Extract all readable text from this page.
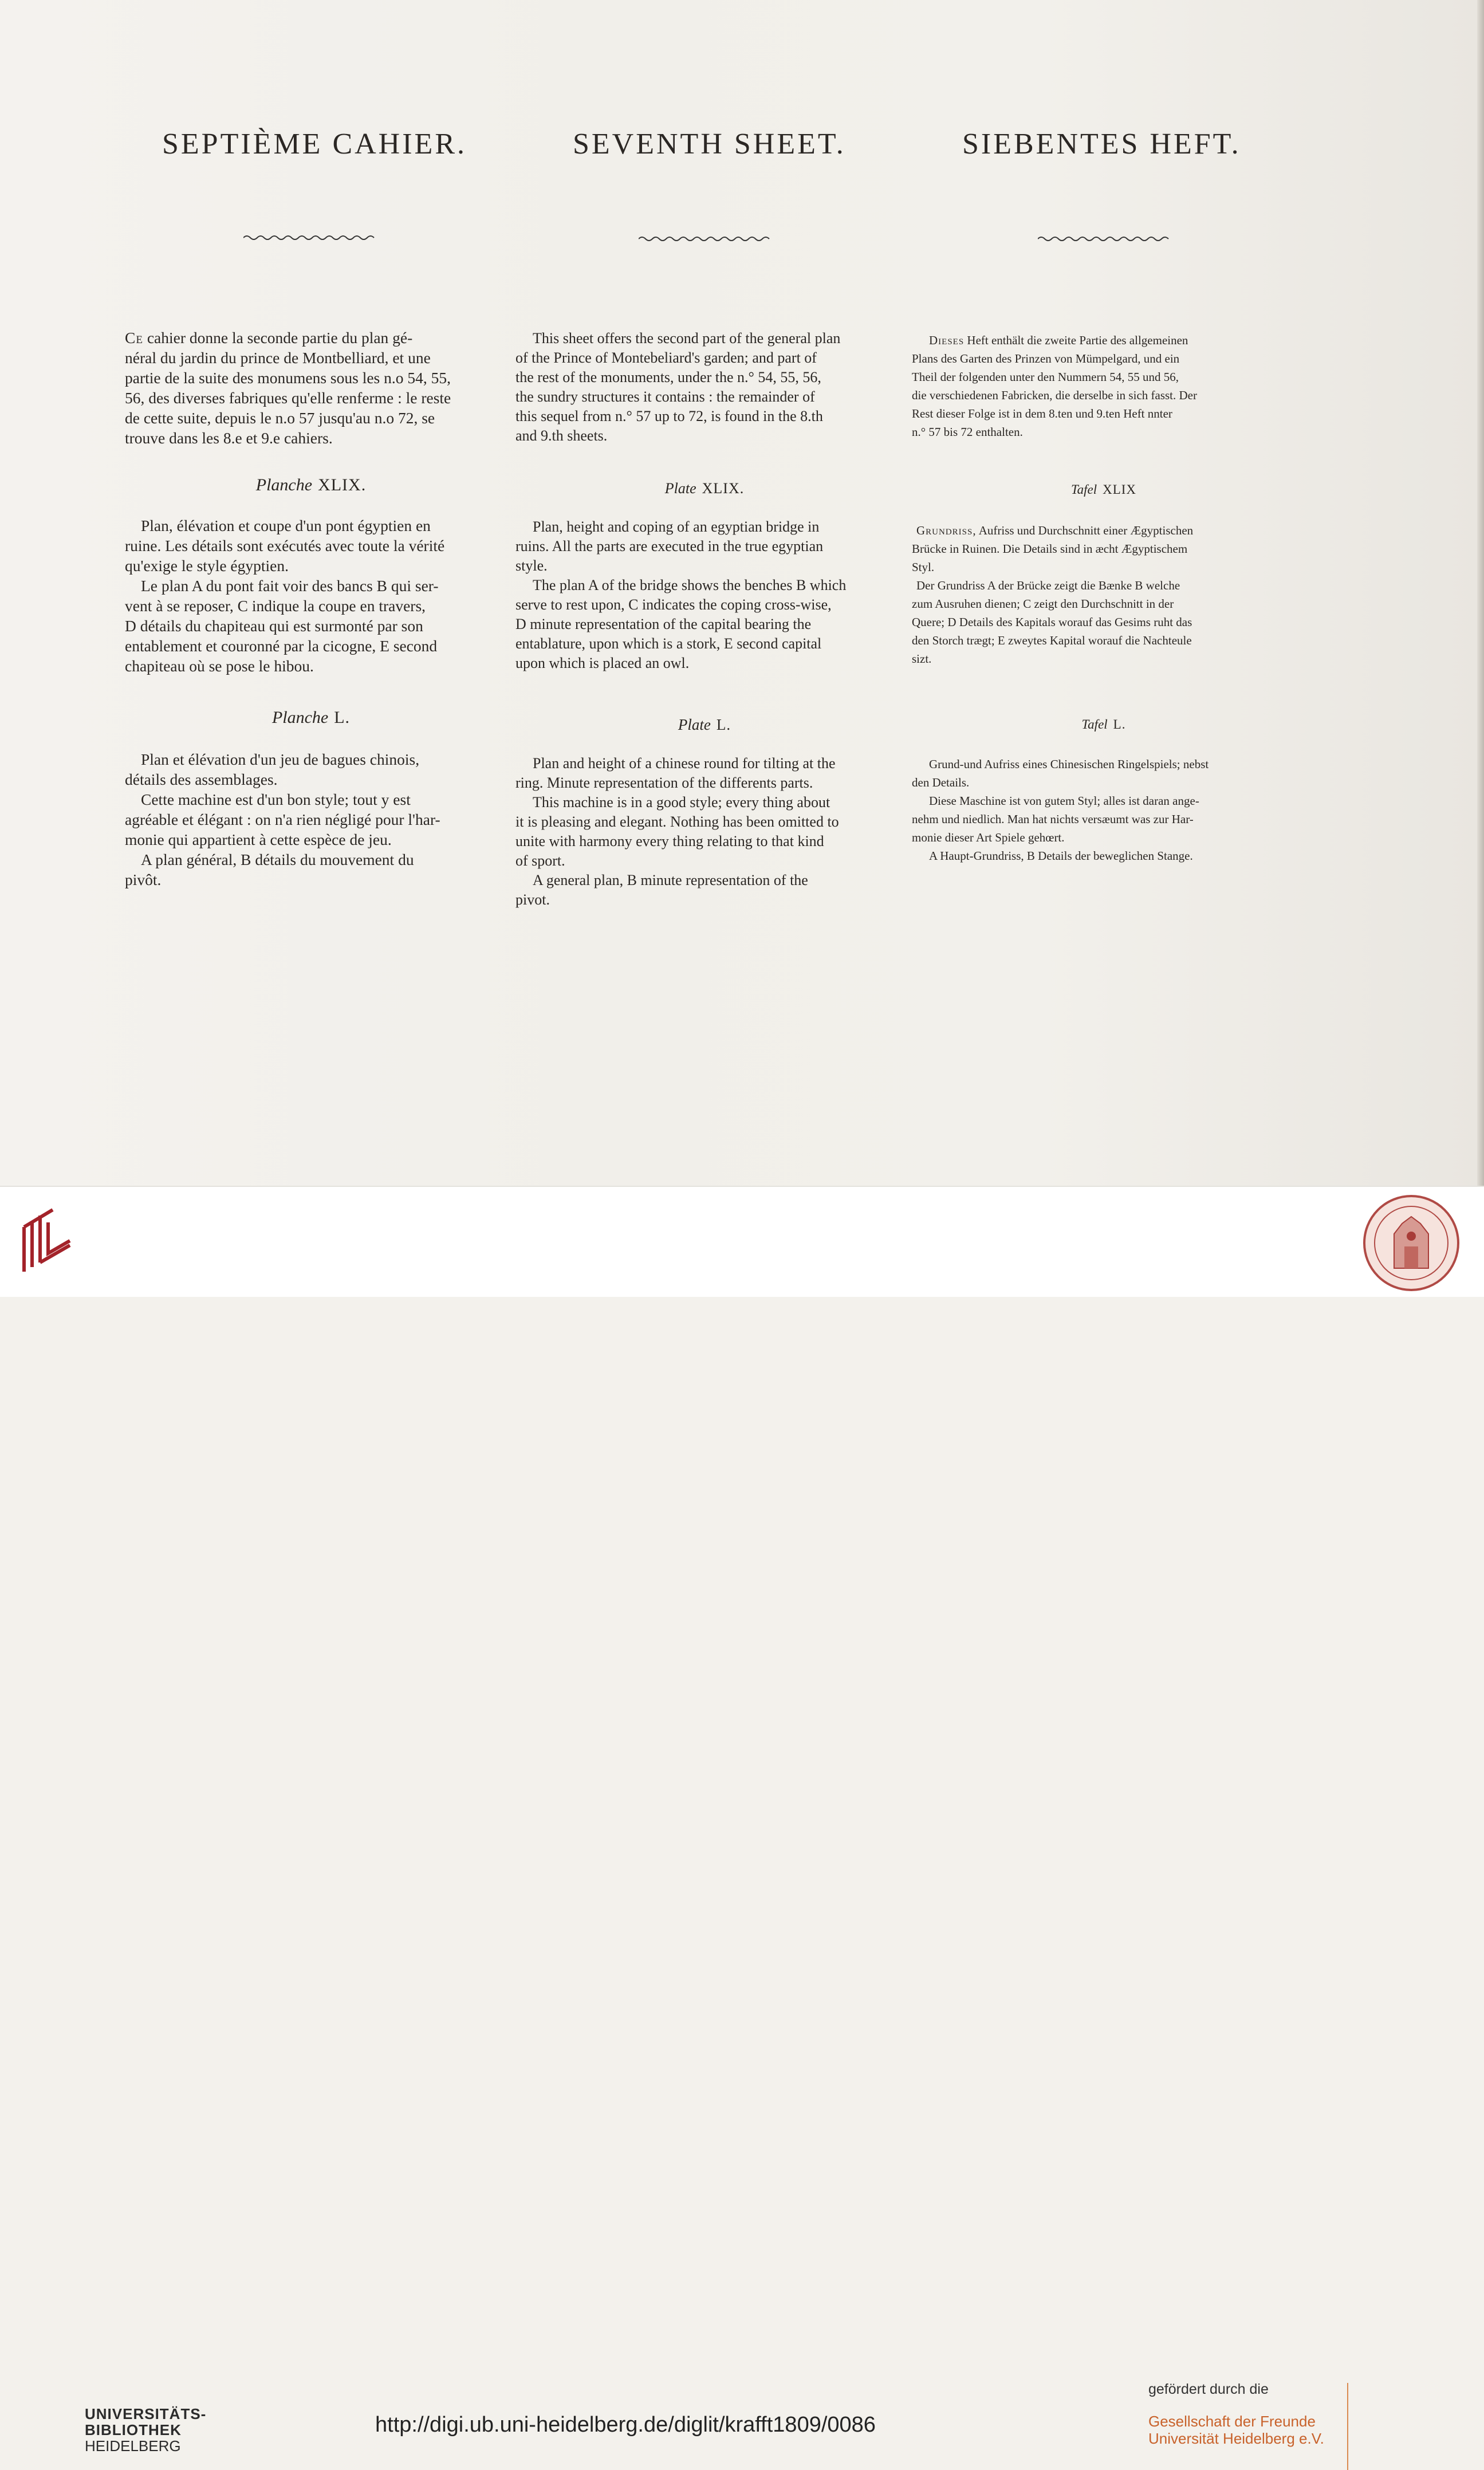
SEPTIÈME CAHIER.
Ce cahier donne la seconde partie du plan gé-
néral du jardin du prince de Montbelliard, et une
partie de la suite des monumens sous les n.o 54, 55,
56, des diverses fabriques qu'elle renferme : le reste
de cette suite, depuis le n.o 57 jusqu'au n.o 72, se
trouve dans les 8.e et 9.e cahiers.
Planche XLIX.
Plan, élévation et coupe d'un pont égyptien en
ruine. Les détails sont exécutés avec toute la vérité
qu'exige le style égyptien.
Le plan A du pont fait voir des bancs B qui ser-
vent à se reposer, C indique la coupe en travers,
D détails du chapiteau qui est surmonté par son
entablement et couronné par la cicogne, E second
chapiteau où se pose le hibou.
Planche L.
Plan et élévation d'un jeu de bagues chinois,
détails des assemblages.
Cette machine est d'un bon style; tout y est
agréable et élégant : on n'a rien négligé pour l'har-
monie qui appartient à cette espèce de jeu.
A plan général, B détails du mouvement du
pivôt.
SEVENTH SHEET.
This sheet offers the second part of the general plan
of the Prince of Montebeliard's garden; and part of
the rest of the monuments, under the n.° 54, 55, 56,
the sundry structures it contains : the remainder of
this sequel from n.° 57 up to 72, is found in the 8.th
and 9.th sheets.
Plate XLIX.
Plan, height and coping of an egyptian bridge in
ruins. All the parts are executed in the true egyptian
style.
The plan A of the bridge shows the benches B which
serve to rest upon, C indicates the coping cross-wise,
D minute representation of the capital bearing the
entablature, upon which is a stork, E second capital
upon which is placed an owl.
Plate L.
Plan and height of a chinese round for tilting at the
ring. Minute representation of the differents parts.
This machine is in a good style; every thing about
it is pleasing and elegant. Nothing has been omitted to
unite with harmony every thing relating to that kind
of sport.
A general plan, B minute representation of the
pivot.
SIEBENTES HEFT.
Dieses Heft enthält die zweite Partie des allgemeinen
Plans des Garten des Prinzen von Mümpelgard, und ein
Theil der folgenden unter den Nummern 54, 55 und 56,
die verschiedenen Fabricken, die derselbe in sich fasst. Der
Rest dieser Folge ist in dem 8.ten und 9.ten Heft nnter
n.° 57 bis 72 enthalten.
Tafel XLIX
Grundriss, Aufriss und Durchschnitt einer Ægyptischen
Brücke in Ruinen. Die Details sind in æcht Ægyptischem
Styl.
Der Grundriss A der Brücke zeigt die Bænke B welche
zum Ausruhen dienen; C zeigt den Durchschnitt in der
Quere; D Details des Kapitals worauf das Gesims ruht das
den Storch trægt; E zweytes Kapital worauf die Nachteule
sizt.
Tafel L.
Grund-und Aufriss eines Chinesischen Ringelspiels; nebst
den Details.
Diese Maschine ist von gutem Styl; alles ist daran ange-
nehm und niedlich. Man hat nichts versæumt was zur Har-
monie dieser Art Spiele gehœrt.
A Haupt-Grundriss, B Details der beweglichen Stange.
UNIVERSITÄTS-
BIBLIOTHEK
HEIDELBERG
http://digi.ub.uni-heidelberg.de/diglit/krafft1809/0086
gefördert durch die
Gesellschaft der Freunde
Universität Heidelberg e.V.
